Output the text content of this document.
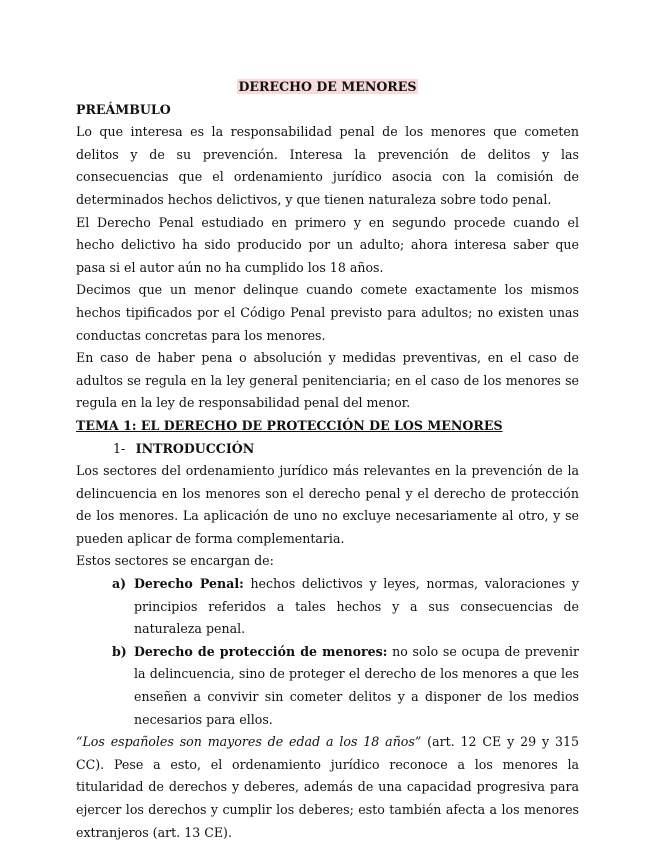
DERECHO DE MENORES
PREÁMBULO

Lo que interesa es la responsabilidad penal de los menores que cometen delitos y de su prevención. Interesa la prevención de delitos y las consecuencias que el ordenamiento jurídico asocia con la comisión de determinados hechos delictivos, y que tienen naturaleza sobre todo penal.

El Derecho Penal estudiado en primero y en segundo procede cuando el hecho delictivo ha sido producido por un adulto; ahora interesa saber que pasa si el autor aún no ha cumplido los 18 años.

Decimos que un menor delinque cuando comete exactamente los mismos hechos tipificados por el Código Penal previsto para adultos; no existen unas conductas concretas para los menores.

En caso de haber pena o absolución y medidas preventivas, en el caso de adultos se regula en la ley general penitenciaria; en el caso de los menores se regula en la ley de responsabilidad penal del menor.

TEMA 1: EL DERECHO DE PROTECCIÓN DE LOS MENORES
1- INTRODUCCIÓN

Los sectores del ordenamiento jurídico más relevantes en la prevención de la delincuencia en los menores son el derecho penal y el derecho de protección de los menores. La aplicación de uno no excluye necesariamente al otro, y se pueden aplicar de forma complementaria.

Estos sectores se encargan de:

a) Derecho Penal: hechos delictivos y leyes, normas, valoraciones y principios referidos a tales hechos y a sus consecuencias de naturaleza penal.
b) Derecho de protección de menores: no solo se ocupa de prevenir la delincuencia, sino de proteger el derecho de los menores a que les enseñen a convivir sin cometer delitos y a disponer de los medios necesarios para ellos.

“Los españoles son mayores de edad a los 18 años” (art. 12 CE y 29 y 315 CC). Pese a esto, el ordenamiento jurídico reconoce a los menores la titularidad de derechos y deberes, además de una capacidad progresiva para ejercer los derechos y cumplir los deberes; esto también afecta a los menores extranjeros (art. 13 CE).
